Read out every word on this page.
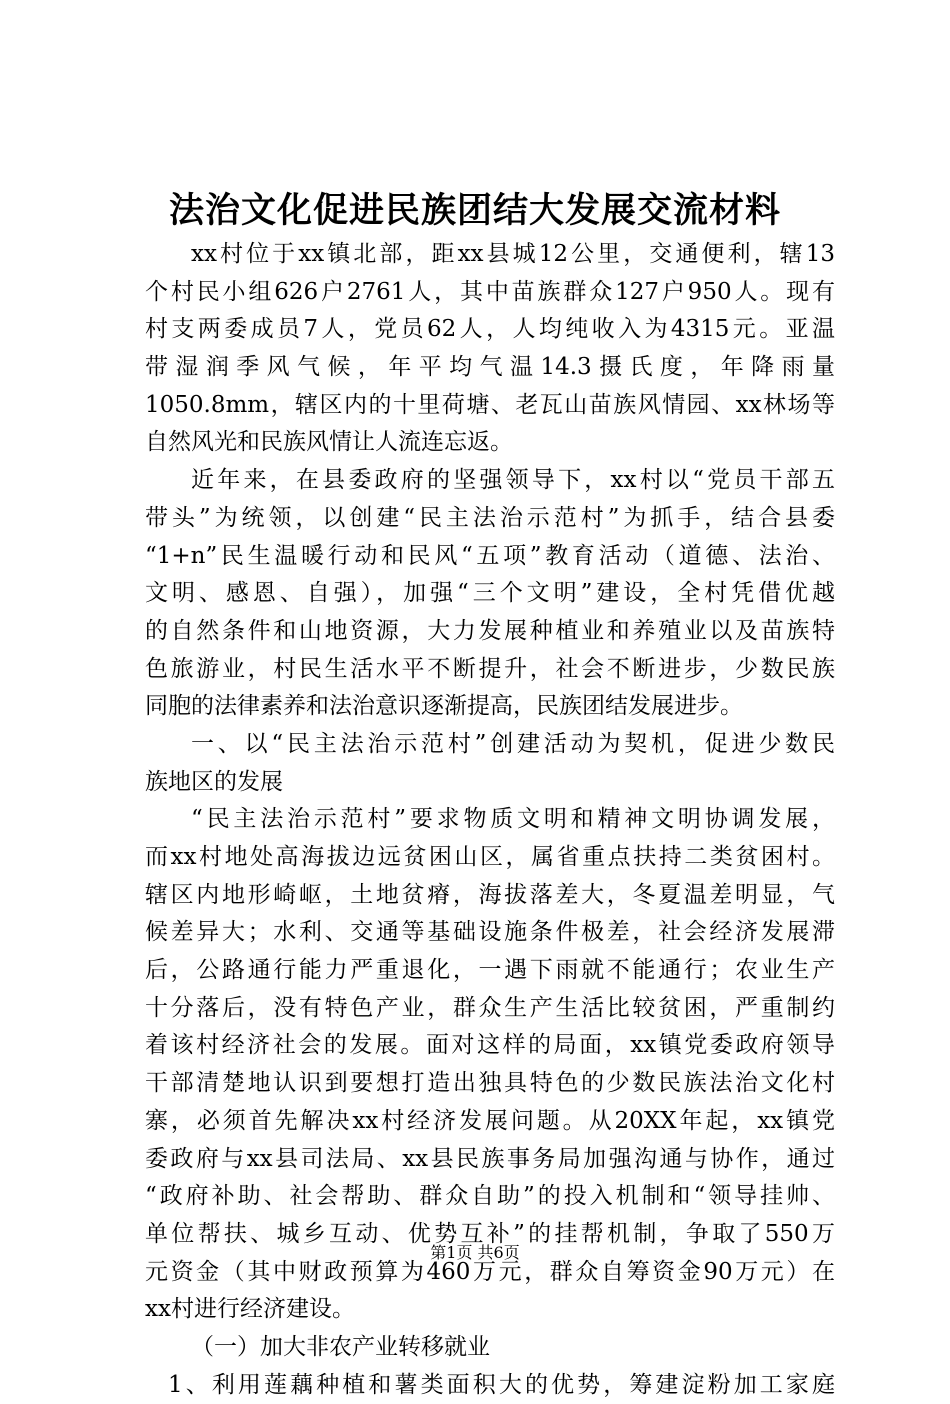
法治文化促进民族团结大发展交流材料
xx村位于xx镇北部，距xx县城12公里，交通便利，辖13
个村民小组626户2761人，其中苗族群众127户950人。现有
村支两委成员7人，党员62人，人均纯收入为4315元。亚温
带湿润季风气候，年平均气温14.3摄氏度，年降雨量
1050.8mm，辖区内的十里荷塘、老瓦山苗族风情园、xx林场等
自然风光和民族风情让人流连忘返。
近年来，在县委政府的坚强领导下，xx村以“党员干部五
带头”为统领，以创建“民主法治示范村”为抓手，结合县委
“1+n”民生温暖行动和民风“五项”教育活动（道德、法治、
文明、感恩、自强），加强“三个文明”建设，全村凭借优越
的自然条件和山地资源，大力发展种植业和养殖业以及苗族特
色旅游业，村民生活水平不断提升，社会不断进步，少数民族
同胞的法律素养和法治意识逐渐提高，民族团结发展进步。
一、以“民主法治示范村”创建活动为契机，促进少数民
族地区的发展
“民主法治示范村”要求物质文明和精神文明协调发展，
而xx村地处高海拔边远贫困山区，属省重点扶持二类贫困村。
辖区内地形崎岖，土地贫瘠，海拔落差大，冬夏温差明显，气
候差异大；水利、交通等基础设施条件极差，社会经济发展滞
后，公路通行能力严重退化，一遇下雨就不能通行；农业生产
十分落后，没有特色产业，群众生产生活比较贫困，严重制约
着该村经济社会的发展。面对这样的局面，xx镇党委政府领导
干部清楚地认识到要想打造出独具特色的少数民族法治文化村
寨，必须首先解决xx村经济发展问题。从20XX年起，xx镇党
委政府与xx县司法局、xx县民族事务局加强沟通与协作，通过
“政府补助、社会帮助、群众自助”的投入机制和“领导挂帅、
单位帮扶、城乡互动、优势互补”的挂帮机制，争取了550万
元资金（其中财政预算为460万元，群众自筹资金90万元）在
xx村进行经济建设。
（一）加大非农产业转移就业
1、利用莲藕种植和薯类面积大的优势，筹建淀粉加工家庭
第1页 共6页
